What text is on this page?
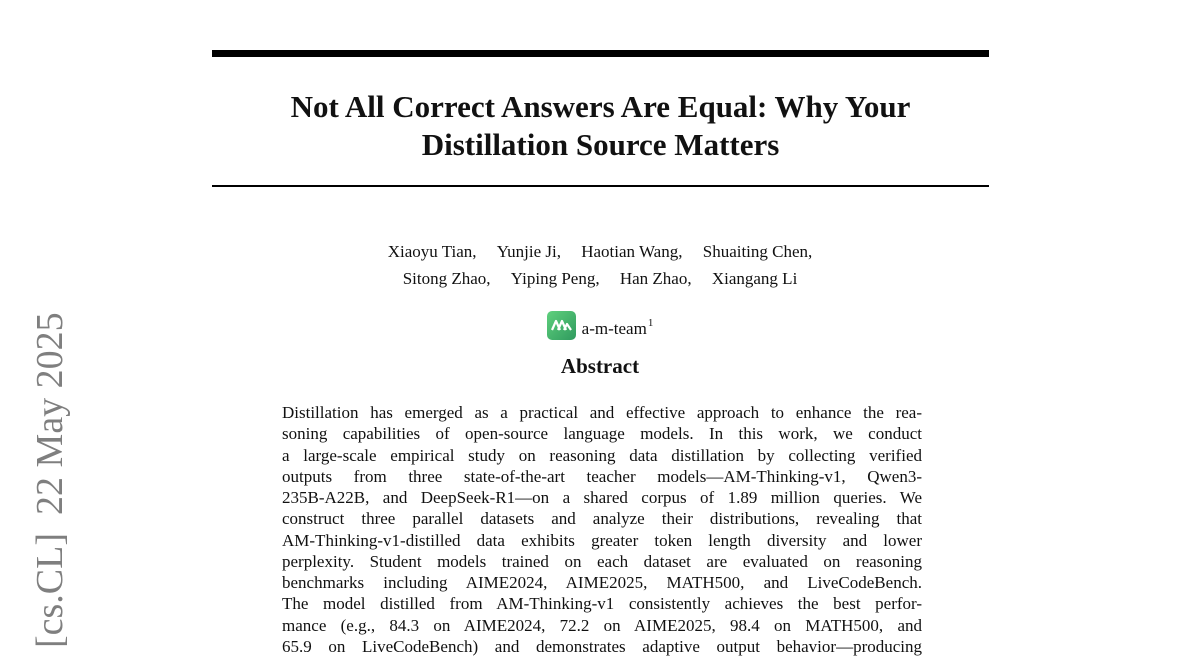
Not All Correct Answers Are Equal: Why Your
Distillation Source Matters
Xiaoyu Tian, Yunjie Ji, Haotian Wang, Shuaiting Chen,
Sitong Zhao, Yiping Peng, Han Zhao, Xiangang Li
a-m-team$^1$
Abstract
Distillation has emerged as a practical and effective approach to enhance the rea-
soning capabilities of open-source language models. In this work, we conduct
a large-scale empirical study on reasoning data distillation by collecting verified
outputs from three state-of-the-art teacher models—AM-Thinking-v1, Qwen3-
235B-A22B, and DeepSeek-R1—on a shared corpus of 1.89 million queries. We
construct three parallel datasets and analyze their distributions, revealing that
AM-Thinking-v1-distilled data exhibits greater token length diversity and lower
perplexity. Student models trained on each dataset are evaluated on reasoning
benchmarks including AIME2024, AIME2025, MATH500, and LiveCodeBench.
The model distilled from AM-Thinking-v1 consistently achieves the best perfor-
mance (e.g., 84.3 on AIME2024, 72.2 on AIME2025, 98.4 on MATH500, and
65.9 on LiveCodeBench) and demonstrates adaptive output behavior—producing
[cs.CL]22 May 2025
